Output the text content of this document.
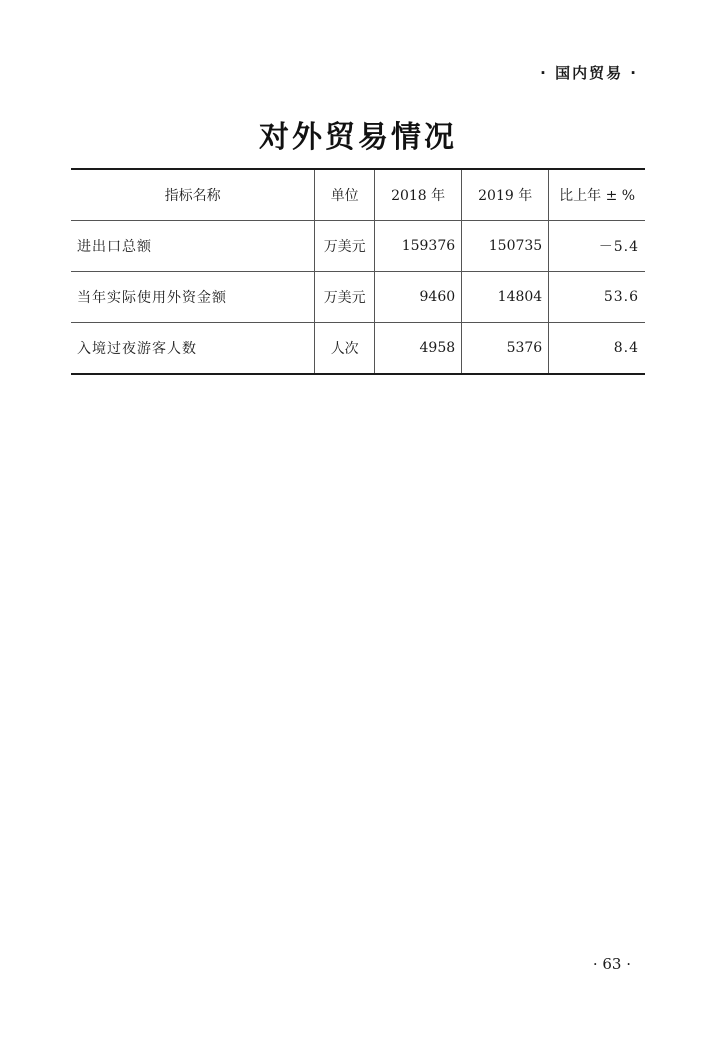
· 国内贸易 ·
对外贸易情况
指标名称	单位	2018 年	2019 年	比上年 ± %
进出口总额	万美元	159376	150735	－5.4
当年实际使用外资金额	万美元	9460	14804	53.6
入境过夜游客人数	人次	4958	5376	8.4
· 63 ·
